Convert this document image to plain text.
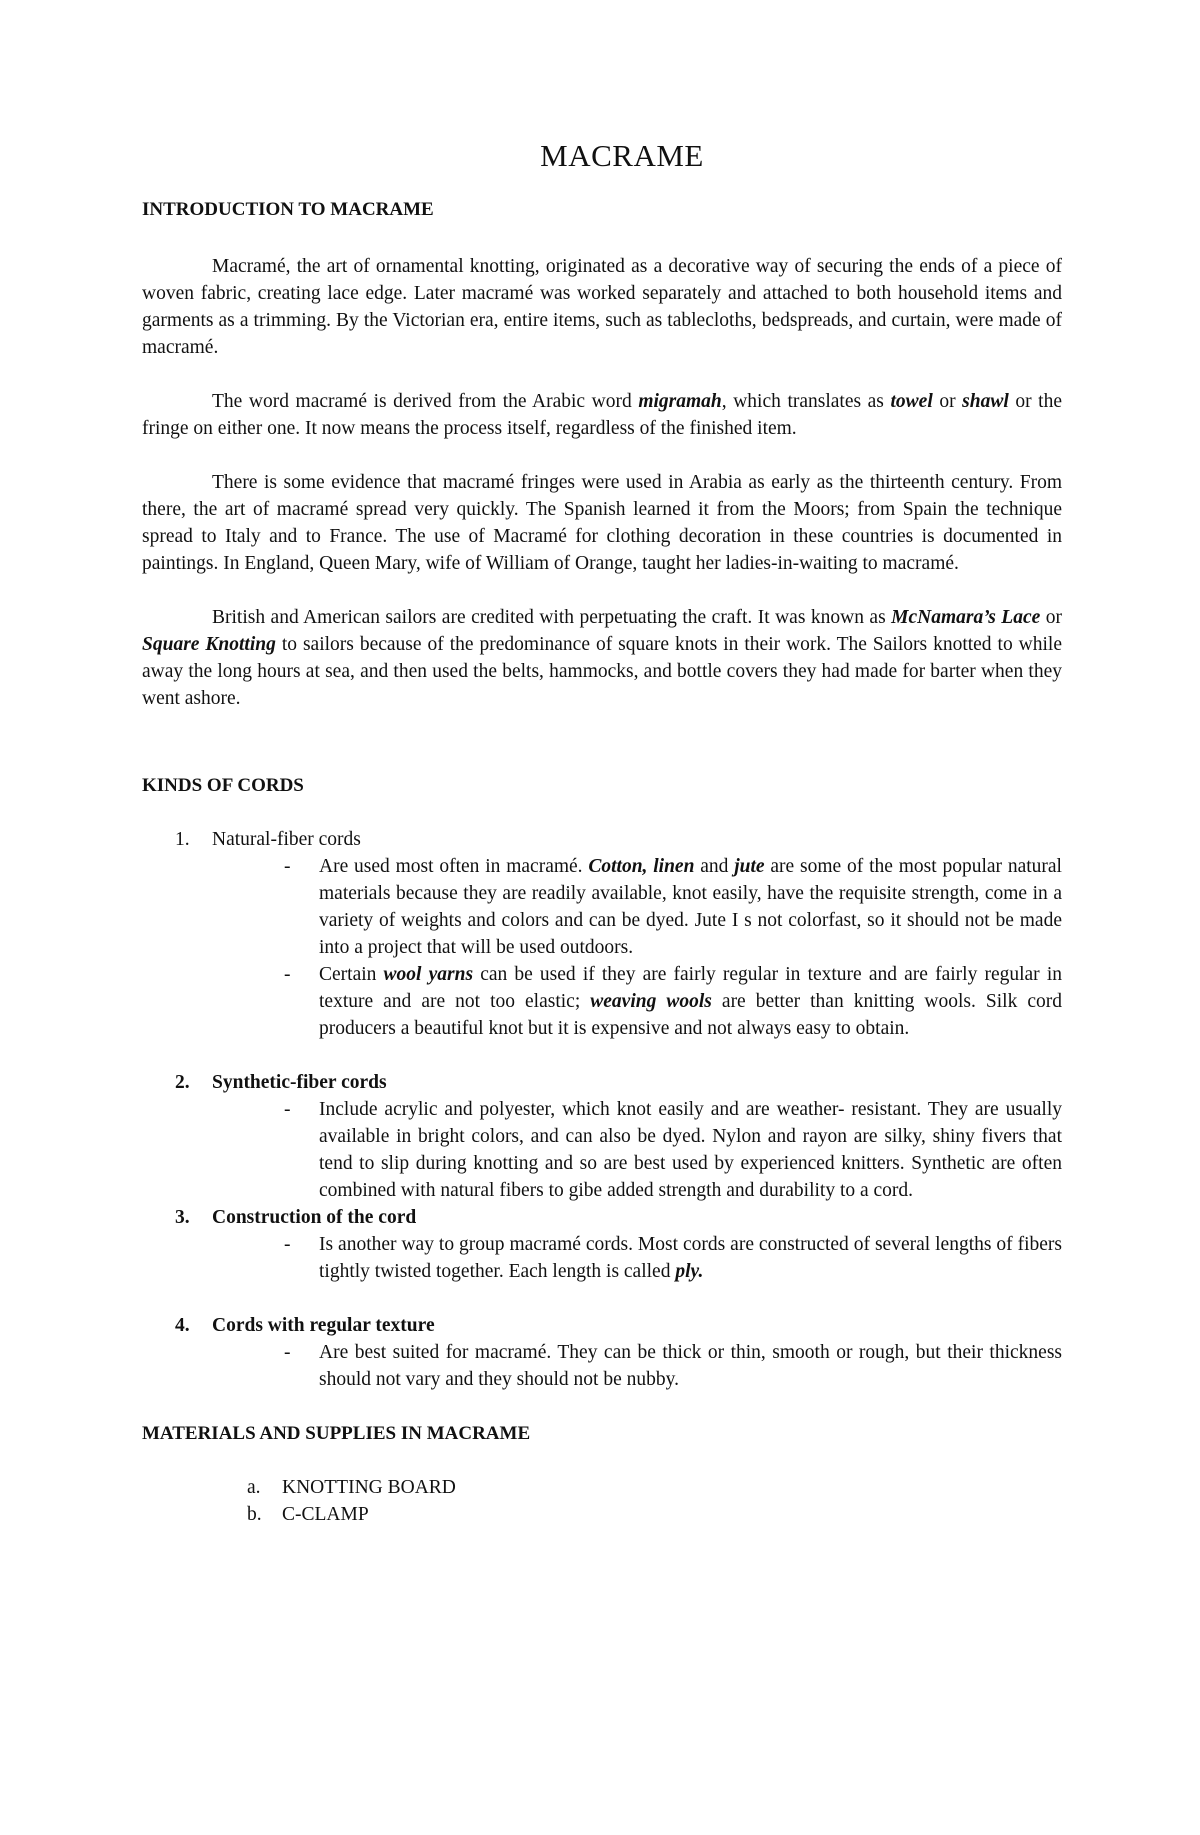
MACRAME
INTRODUCTION TO MACRAME

Macramé, the art of ornamental knotting, originated as a decorative way of securing the ends of a piece of woven fabric, creating lace edge. Later macramé was worked separately and attached to both household items and garments as a trimming. By the Victorian era, entire items, such as tablecloths, bedspreads, and curtain, were made of macramé.

The word macramé is derived from the Arabic word migramah, which translates as towel or shawl or the fringe on either one. It now means the process itself, regardless of the finished item.

There is some evidence that macramé fringes were used in Arabia as early as the thirteenth century. From there, the art of macramé spread very quickly. The Spanish learned it from the Moors; from Spain the technique spread to Italy and to France. The use of Macramé for clothing decoration in these countries is documented in paintings. In England, Queen Mary, wife of William of Orange, taught her ladies-in-waiting to macramé.

British and American sailors are credited with perpetuating the craft. It was known as McNamara’s Lace or Square Knotting to sailors because of the predominance of square knots in their work. The Sailors knotted to while away the long hours at sea, and then used the belts, hammocks, and bottle covers they had made for barter when they went ashore.

KINDS OF CORDS
1. Natural-fiber cords
- Are used most often in macramé. Cotton, linen and jute are some of the most popular natural materials because they are readily available, knot easily, have the requisite strength, come in a variety of weights and colors and can be dyed. Jute I s not colorfast, so it should not be made into a project that will be used outdoors.
- Certain wool yarns can be used if they are fairly regular in texture and are fairly regular in texture and are not too elastic; weaving wools are better than knitting wools. Silk cord producers a beautiful knot but it is expensive and not always easy to obtain.
2. Synthetic-fiber cords
- Include acrylic and polyester, which knot easily and are weather- resistant. They are usually available in bright colors, and can also be dyed. Nylon and rayon are silky, shiny fivers that tend to slip during knotting and so are best used by experienced knitters. Synthetic are often combined with natural fibers to gibe added strength and durability to a cord.
3. Construction of the cord
- Is another way to group macramé cords. Most cords are constructed of several lengths of fibers tightly twisted together. Each length is called ply.
4. Cords with regular texture
- Are best suited for macramé. They can be thick or thin, smooth or rough, but their thickness should not vary and they should not be nubby.
MATERIALS AND SUPPLIES IN MACRAME
a. KNOTTING BOARD
b. C-CLAMP
